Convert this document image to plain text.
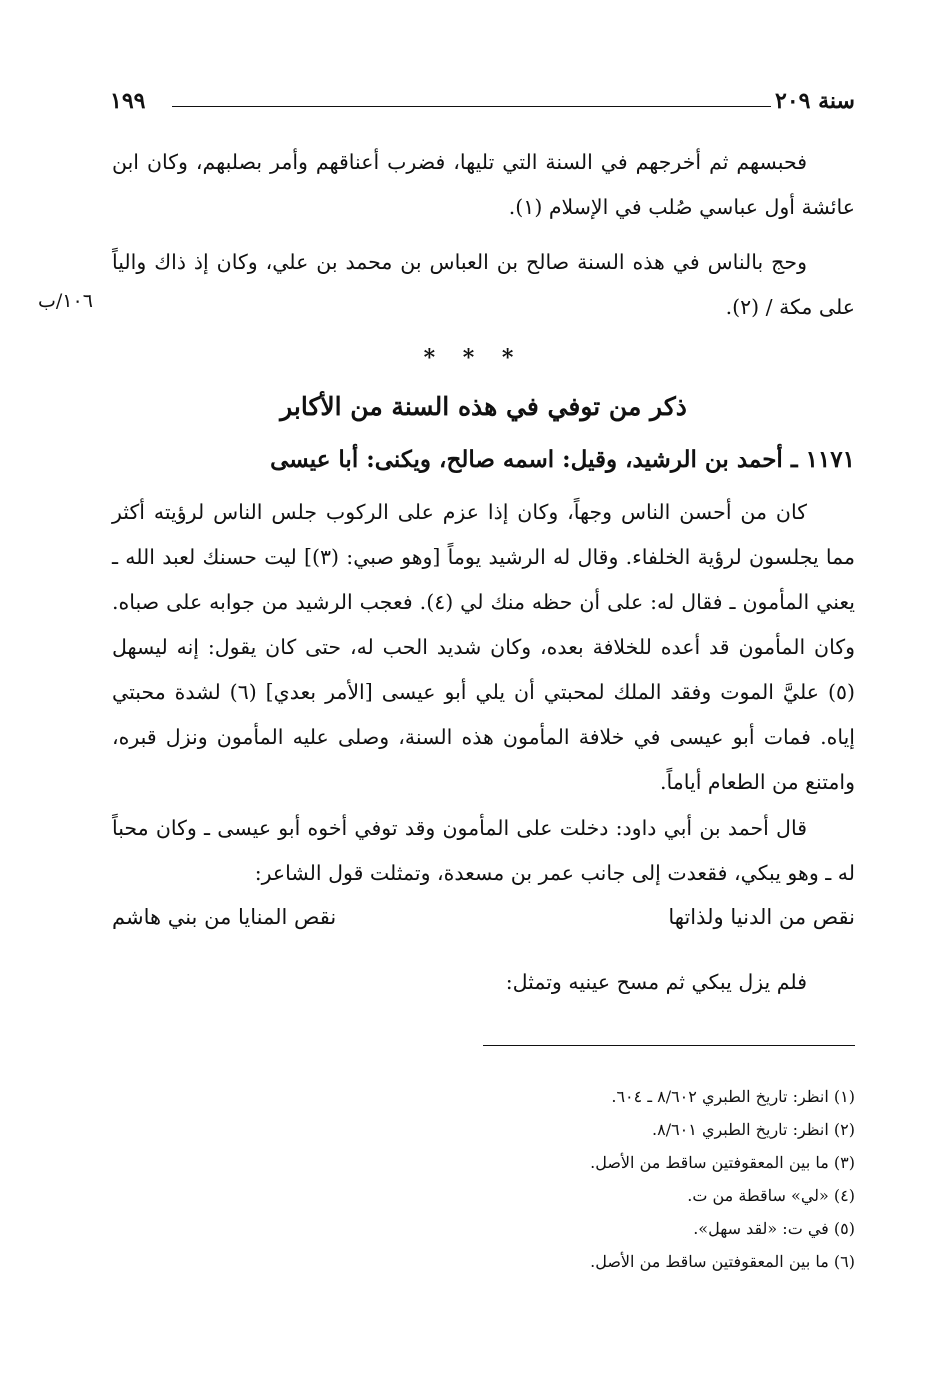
سنة ٢٠٩
١٩٩
١٠٦/ب

فحبسهم ثم أخرجهم في السنة التي تليها، فضرب أعناقهم وأمر بصلبهم، وكان ابن عائشة أول عباسي صُلب في الإسلام (١).

وحج بالناس في هذه السنة صالح بن العباس بن محمد بن علي، وكان إذ ذاك والياً على مكة / (٢).

* * *
ذكر من توفي في هذه السنة من الأكابر
١١٧١ ـ أحمد بن الرشيد، وقيل: اسمه صالح، ويكنى: أبا عيسى

كان من أحسن الناس وجهاً، وكان إذا عزم على الركوب جلس الناس لرؤيته أكثر مما يجلسون لرؤية الخلفاء. وقال له الرشيد يوماً [وهو صبي: (٣)] ليت حسنك لعبد الله ـ يعني المأمون ـ فقال له: على أن حظه منك لي (٤). فعجب الرشيد من جوابه على صباه. وكان المأمون قد أعده للخلافة بعده، وكان شديد الحب له، حتى كان يقول: إنه ليسهل (٥) عليَّ الموت وفقد الملك لمحبتي أن يلي أبو عيسى [الأمر بعدي] (٦) لشدة محبتي إياه. فمات أبو عيسى في خلافة المأمون هذه السنة، وصلى عليه المأمون ونزل قبره، وامتنع من الطعام أياماً.

قال أحمد بن أبي داود: دخلت على المأمون وقد توفي أخوه أبو عيسى ـ وكان محباً له ـ وهو يبكي، فقعدت إلى جانب عمر بن مسعدة، وتمثلت قول الشاعر:

نقص من الدنيا ولذاتها
نقص المنايا من بني هاشم

فلم يزل يبكي ثم مسح عينيه وتمثل:

(١) انظر: تاريخ الطبري ٨/٦٠٢ ـ ٦٠٤.
(٢) انظر: تاريخ الطبري ٨/٦٠١.
(٣) ما بين المعقوفتين ساقط من الأصل.
(٤) «لي» ساقطة من ت.
(٥) في ت: «لقد سهل».
(٦) ما بين المعقوفتين ساقط من الأصل.
